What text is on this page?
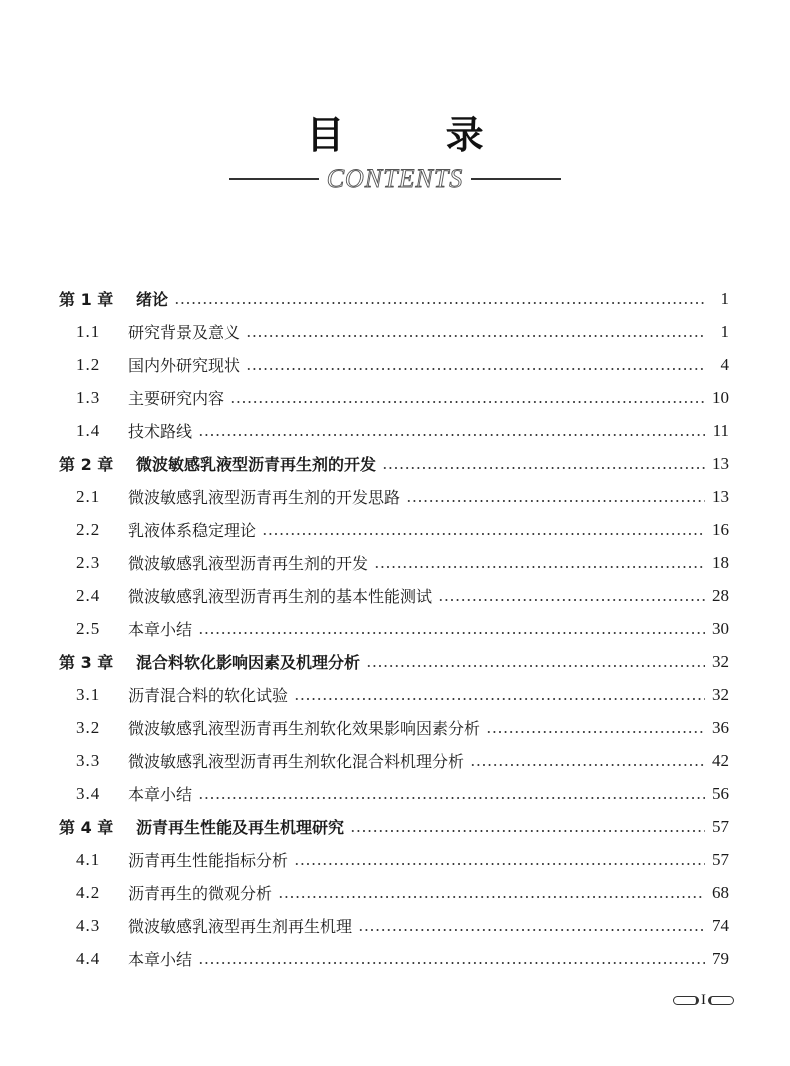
目 录
CONTENTS
第 1 章	绪论	1
1.1	研究背景及意义	1
1.2	国内外研究现状	4
1.3	主要研究内容	10
1.4	技术路线	11
第 2 章	微波敏感乳液型沥青再生剂的开发	13
2.1	微波敏感乳液型沥青再生剂的开发思路	13
2.2	乳液体系稳定理论	16
2.3	微波敏感乳液型沥青再生剂的开发	18
2.4	微波敏感乳液型沥青再生剂的基本性能测试	28
2.5	本章小结	30
第 3 章	混合料软化影响因素及机理分析	32
3.1	沥青混合料的软化试验	32
3.2	微波敏感乳液型沥青再生剂软化效果影响因素分析	36
3.3	微波敏感乳液型沥青再生剂软化混合料机理分析	42
3.4	本章小结	56
第 4 章	沥青再生性能及再生机理研究	57
4.1	沥青再生性能指标分析	57
4.2	沥青再生的微观分析	68
4.3	微波敏感乳液型再生剂再生机理	74
4.4	本章小结	79
I
